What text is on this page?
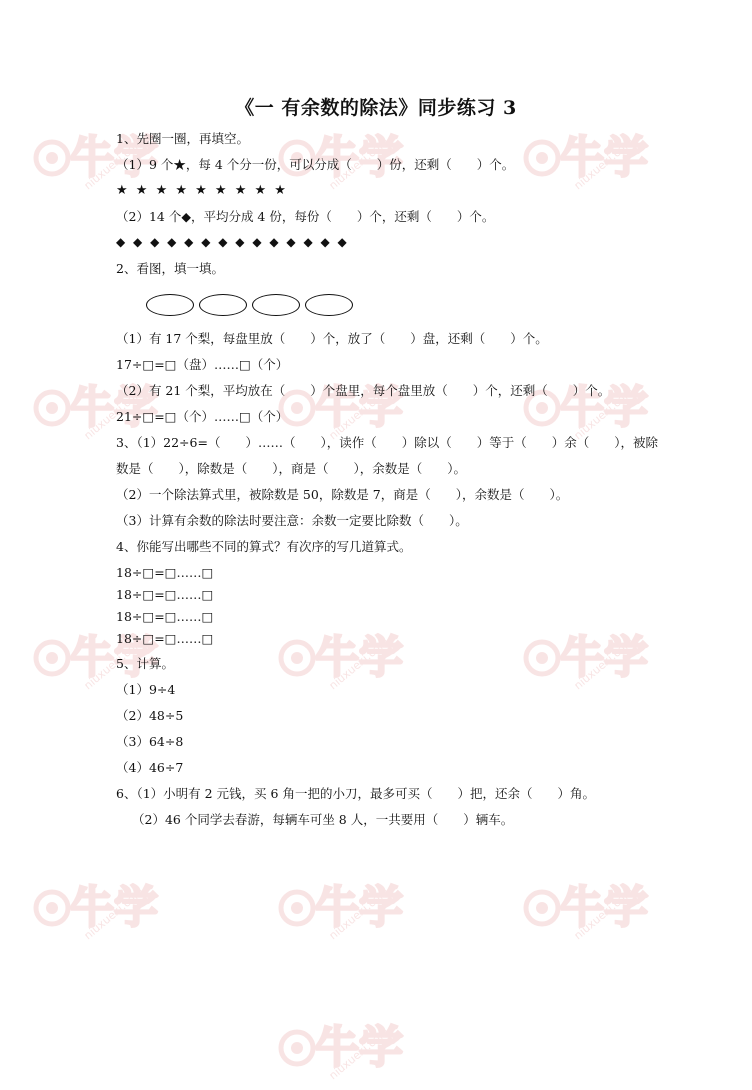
《一 有余数的除法》同步练习 3
1、先圈一圈，再填空。
（1）9 个★，每 4 个分一份，可以分成（　　）份，还剩（　　）个。
★ ★ ★ ★ ★ ★ ★ ★ ★
（2）14 个◆，平均分成 4 份，每份（　　）个，还剩（　　）个。
◆ ◆ ◆ ◆ ◆ ◆ ◆ ◆ ◆ ◆ ◆ ◆ ◆ ◆
2、看图，填一填。
（1）有 17 个梨，每盘里放（　　）个，放了（　　）盘，还剩（　　）个。
17÷□=□（盘）……□（个）
（2）有 21 个梨，平均放在（　　）个盘里，每个盘里放（　　）个，还剩（　　）个。
21÷□=□（个）……□（个）
3、（1）22÷6=（　　）……（　　），读作（　　）除以（　　）等于（　　）余（　　），被除
数是（　　），除数是（　　），商是（　　），余数是（　　）。
（2）一个除法算式里，被除数是 50，除数是 7，商是（　　），余数是（　　）。
（3）计算有余数的除法时要注意：余数一定要比除数（　　）。
4、你能写出哪些不同的算式？有次序的写几道算式。
18÷□=□……□
18÷□=□……□
18÷□=□……□
18÷□=□……□
5、计算。
（1）9÷4
（2）48÷5
（3）64÷8
（4）46÷7
6、（1）小明有 2 元钱，买 6 角一把的小刀，最多可买（　　）把，还余（　　）角。
（2）46 个同学去春游，每辆车可坐 8 人，一共要用（　　）辆车。
